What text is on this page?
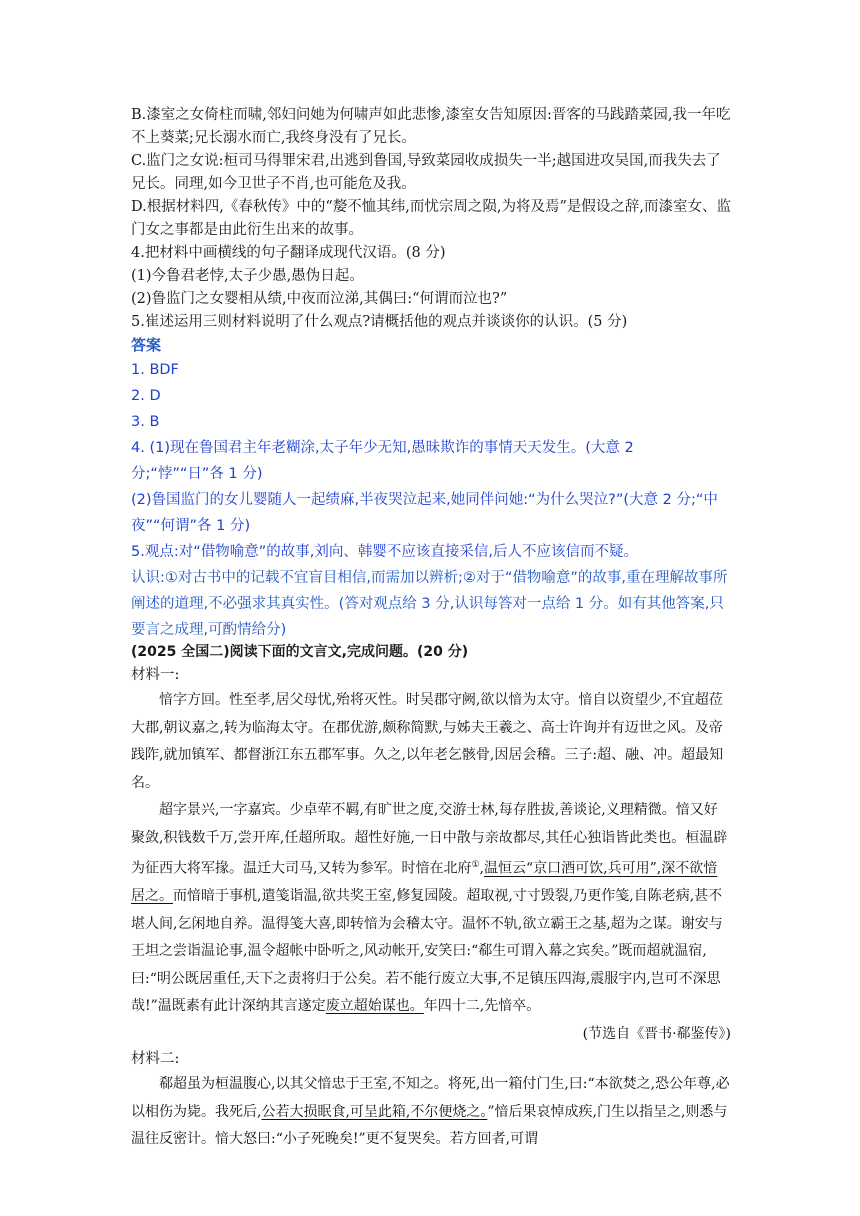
B.漆室之女倚柱而啸,邻妇问她为何啸声如此悲惨,漆室女告知原因:晋客的马践踏菜园,我一年吃不上葵菜;兄长溺水而亡,我终身没有了兄长。

C.监门之女说:桓司马得罪宋君,出逃到鲁国,导致菜园收成损失一半;越国进攻吴国,而我失去了兄长。同理,如今卫世子不肖,也可能危及我。

D.根据材料四,《春秋传》中的“嫠不恤其纬,而忧宗周之陨,为将及焉”是假设之辞,而漆室女、监门女之事都是由此衍生出来的故事。

4.把材料中画横线的句子翻译成现代汉语。(8 分)

(1)今鲁君老悖,太子少愚,愚伪日起。

(2)鲁监门之女婴相从绩,中夜而泣涕,其偶曰:“何谓而泣也?”

5.崔述运用三则材料说明了什么观点?请概括他的观点并谈谈你的认识。(5 分)

答案

1. BDF

2. D

3. B

4. (1)现在鲁国君主年老糊涂,太子年少无知,愚昧欺诈的事情天天发生。(大意 2 分;“悖”“日”各 1 分)

(2)鲁国监门的女儿婴随人一起绩麻,半夜哭泣起来,她同伴问她:“为什么哭泣?”(大意 2 分;“中夜”“何谓”各 1 分)

5.观点:对“借物喻意”的故事,刘向、韩婴不应该直接采信,后人不应该信而不疑。

认识:①对古书中的记载不宜盲目相信,而需加以辨析;②对于“借物喻意”的故事,重在理解故事所阐述的道理,不必强求其真实性。(答对观点给 3 分,认识每答对一点给 1 分。如有其他答案,只要言之成理,可酌情给分)

(2025 全国二)阅读下面的文言文,完成问题。(20 分)

材料一:

愔字方回。性至孝,居父母忧,殆将灭性。时吴郡守阙,欲以愔为太守。愔自以资望少,不宜超莅大郡,朝议嘉之,转为临海太守。在郡优游,颇称简默,与姊夫王羲之、高士许询并有迈世之风。及帝践阼,就加镇军、都督浙江东五郡军事。久之,以年老乞骸骨,因居会稽。三子:超、融、冲。超最知名。

超字景兴,一字嘉宾。少卓荦不羁,有旷世之度,交游士林,每存胜拔,善谈论,义理精微。愔又好聚敛,积钱数千万,尝开库,任超所取。超性好施,一日中散与亲故都尽,其任心独诣皆此类也。桓温辟为征西大将军掾。温迁大司马,又转为参军。时愔在北府①,温恒云“京口酒可饮,兵可用”,深不欲愔居之。而愔暗于事机,遣笺诣温,欲共奖王室,修复园陵。超取视,寸寸毁裂,乃更作笺,自陈老病,甚不堪人间,乞闲地自养。温得笺大喜,即转愔为会稽太守。温怀不轨,欲立霸王之基,超为之谋。谢安与王坦之尝诣温论事,温令超帐中卧听之,风动帐开,安笑曰:“郗生可谓入幕之宾矣。”既而超就温宿,曰:“明公既居重任,天下之责将归于公矣。若不能行废立大事,不足镇压四海,震服宇内,岂可不深思哉!”温既素有此计深纳其言遂定废立超始谋也。年四十二,先愔卒。

(节选自《晋书·郗鉴传》)

材料二:

郗超虽为桓温腹心,以其父愔忠于王室,不知之。将死,出一箱付门生,曰:“本欲焚之,恐公年尊,必以相伤为毙。我死后,公若大损眠食,可呈此箱,不尔便烧之。”愔后果哀悼成疾,门生以指呈之,则悉与温往反密计。愔大怒曰:“小子死晚矣!”更不复哭矣。若方回者,可谓
